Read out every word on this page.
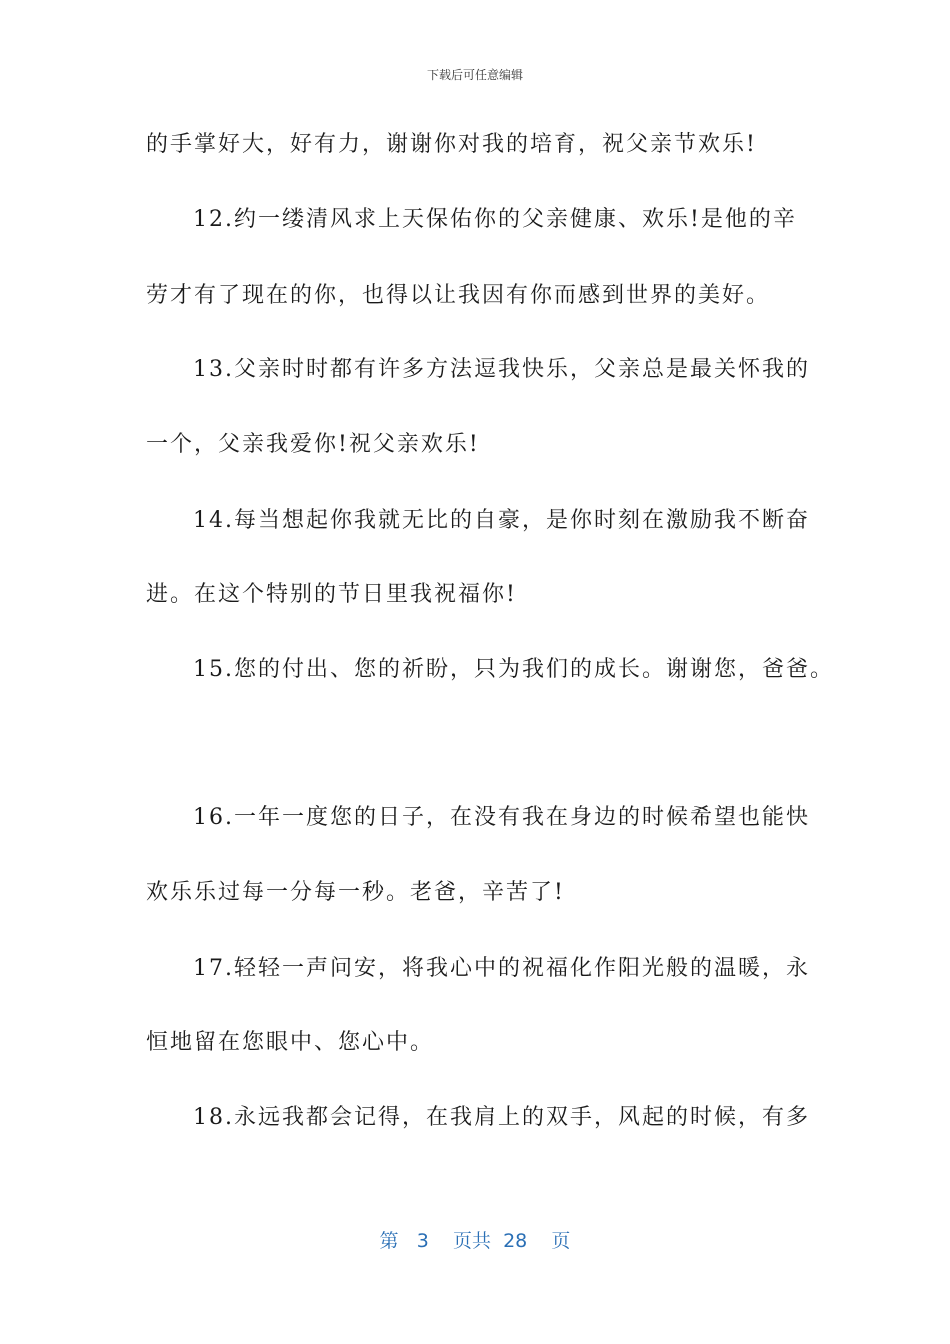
下载后可任意编辑
的手掌好大，好有力，谢谢你对我的培育，祝父亲节欢乐!
12.约一缕清风求上天保佑你的父亲健康、欢乐!是他的辛
劳才有了现在的你，也得以让我因有你而感到世界的美好。
13.父亲时时都有许多方法逗我快乐，父亲总是最关怀我的
一个，父亲我爱你!祝父亲欢乐!
14.每当想起你我就无比的自豪，是你时刻在激励我不断奋
进。在这个特别的节日里我祝福你!
15.您的付出、您的祈盼，只为我们的成长。谢谢您，爸爸。
16.一年一度您的日子，在没有我在身边的时候希望也能快
欢乐乐过每一分每一秒。老爸，辛苦了!
17.轻轻一声问安，将我心中的祝福化作阳光般的温暖，永
恒地留在您眼中、您心中。
18.永远我都会记得，在我肩上的双手，风起的时候，有多
第 3 页共 28 页
